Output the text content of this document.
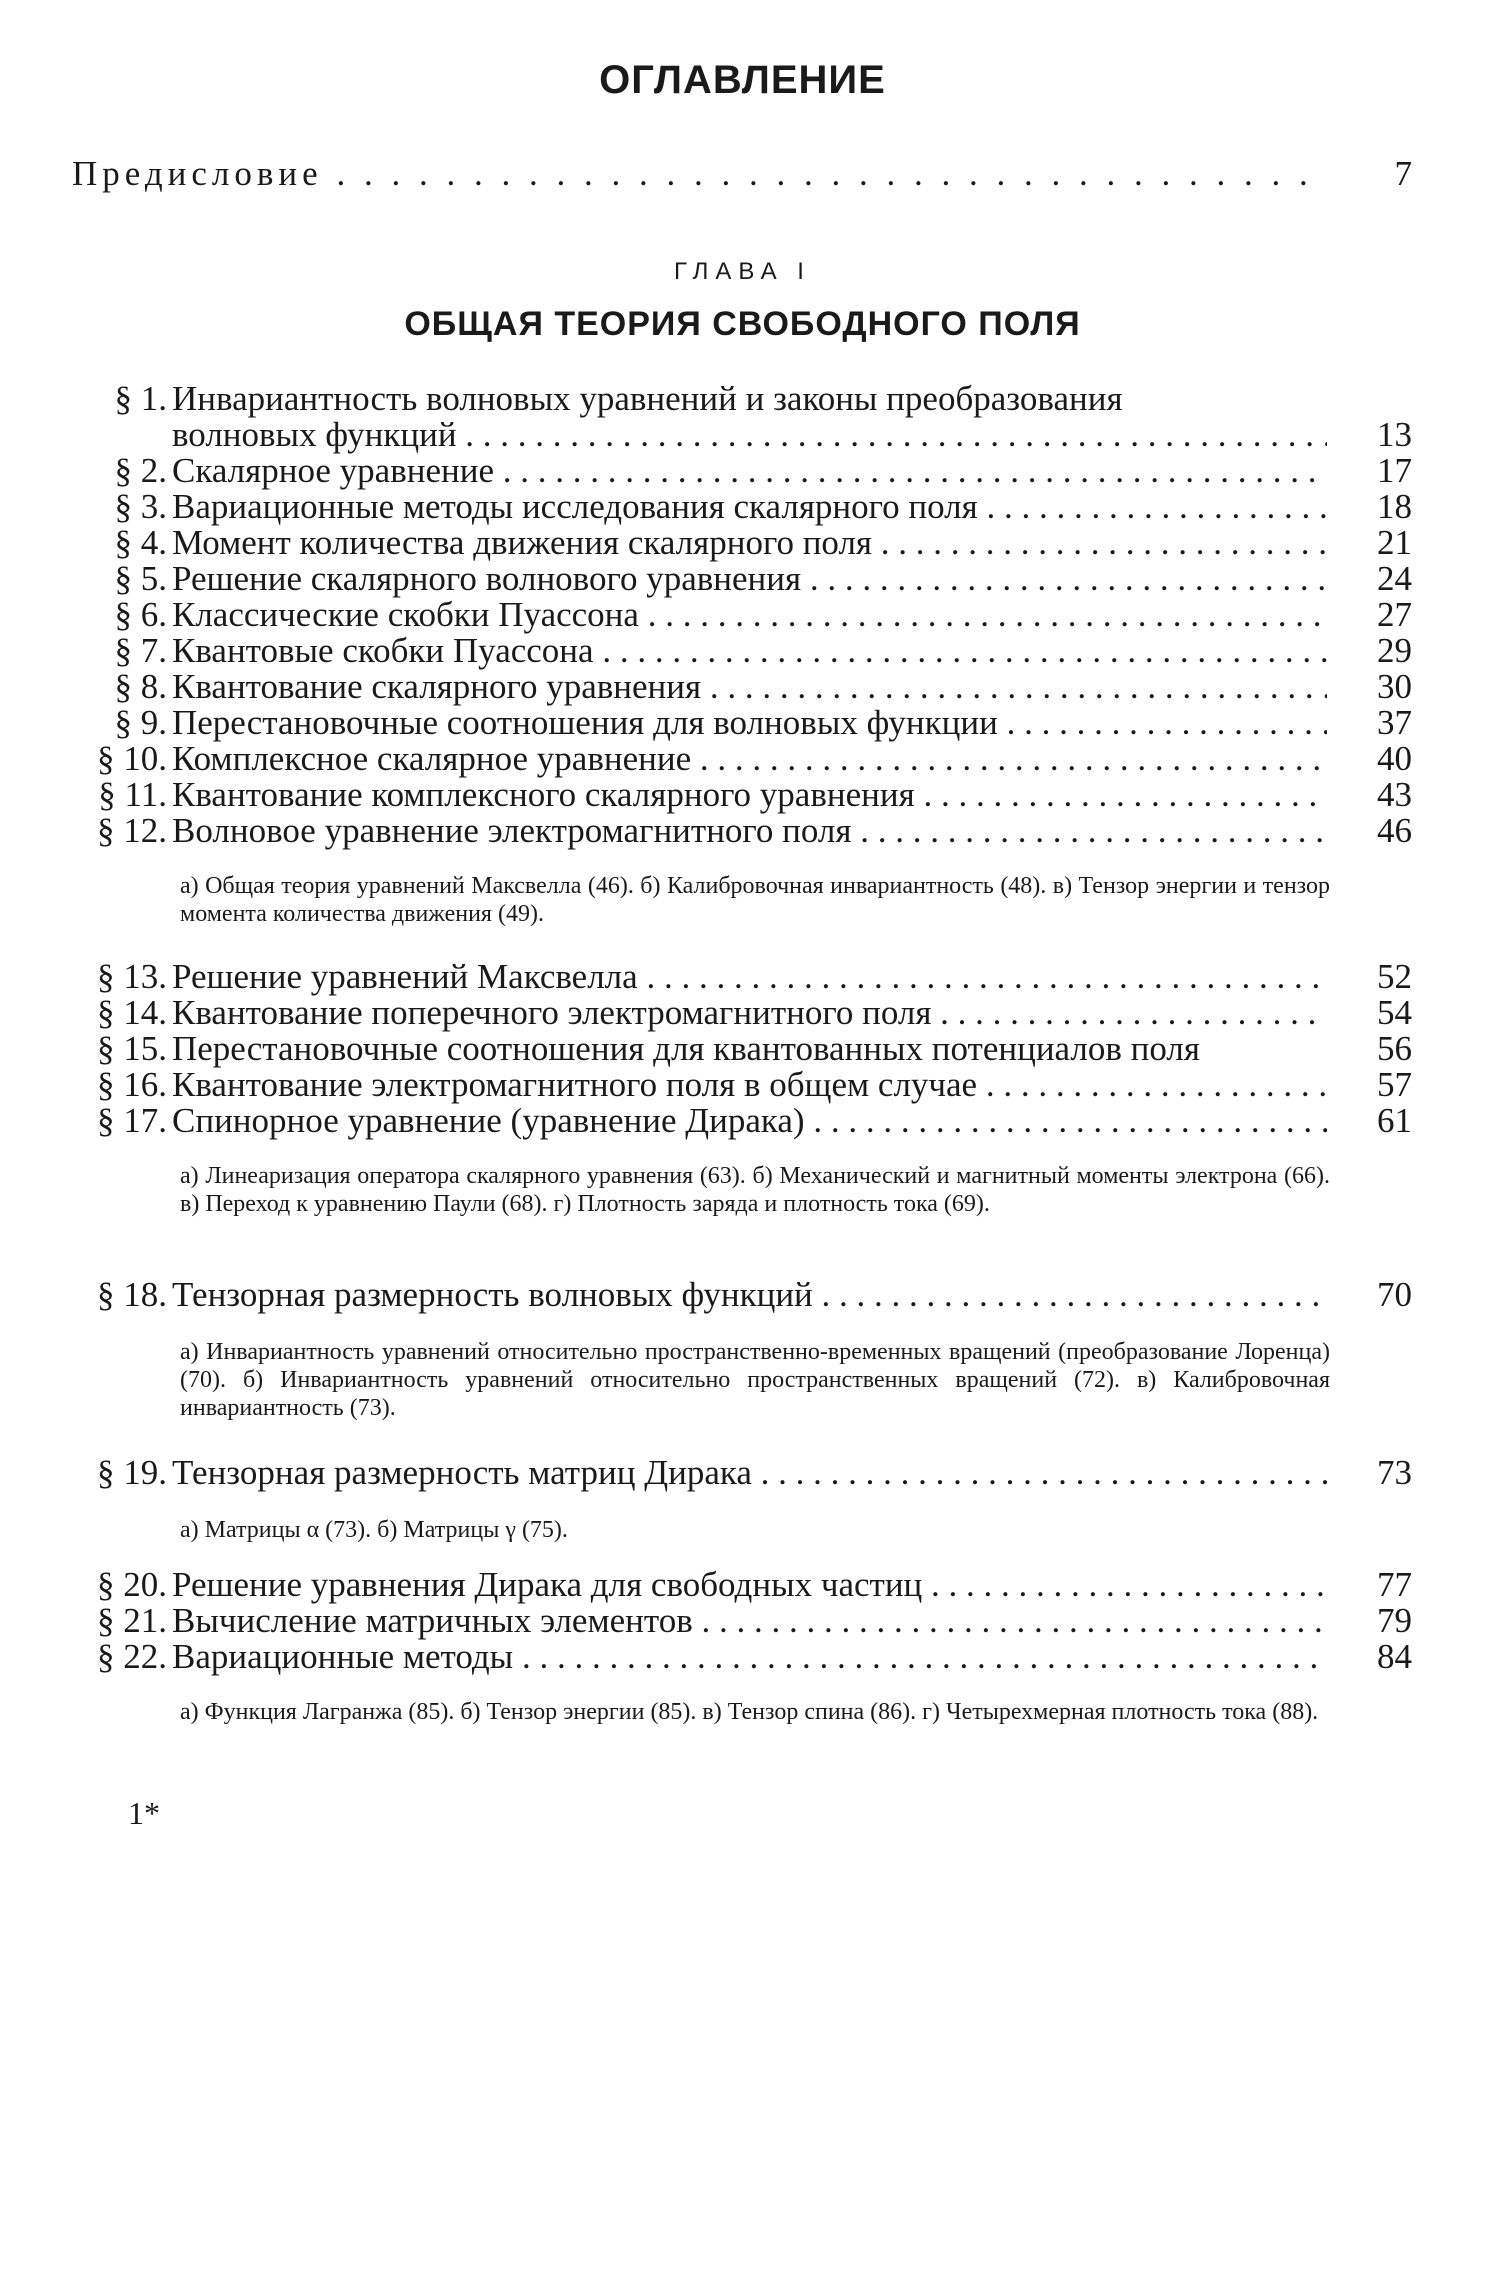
ОГЛАВЛЕНИЕ
Предисловие . . .	7
ГЛАВА I
ОБЩАЯ ТЕОРИЯ СВОБОДНОГО ПОЛЯ
§ 1. Инвариантность волновых уравнений и законы преобразования
волновых функций . . .	13
§ 2. Скалярное уравнение . . .	17
§ 3. Вариационные методы исследования скалярного поля . . .	18
§ 4. Момент количества движения скалярного поля . . .	21
§ 5. Решение скалярного волнового уравнения . . .	24
§ 6. Классические скобки Пуассона . . .	27
§ 7. Квантовые скобки Пуассона . . .	29
§ 8. Квантование скалярного уравнения . . .	30
§ 9. Перестановочные соотношения для волновых функции . . .	37
§ 10. Комплексное скалярное уравнение . . .	40
§ 11. Квантование комплексного скалярного уравнения . . .	43
§ 12. Волновое уравнение электромагнитного поля . . .	46
а) Общая теория уравнений Максвелла (46). б) Калибровочная инвариантность (48). в) Тензор энергии и тензор момента количества движения (49).
§ 13. Решение уравнений Максвелла . . .	52
§ 14. Квантование поперечного электромагнитного поля . . .	54
§ 15. Перестановочные соотношения для квантованных потенциалов поля	56
§ 16. Квантование электромагнитного поля в общем случае . . .	57
§ 17. Спинорное уравнение (уравнение Дирака) . . .	61
а) Линеаризация оператора скалярного уравнения (63). б) Механический и магнитный моменты электрона (66). в) Переход к уравнению Паули (68). г) Плотность заряда и плотность тока (69).
§ 18. Тензорная размерность волновых функций . . .	70
а) Инвариантность уравнений относительно пространственно-временных вращений (преобразование Лоренца) (70). б) Инвариантность уравнений относительно пространственных вращений (72). в) Калибровочная инвариантность (73).
§ 19. Тензорная размерность матриц Дирака . . .	73
а) Матрицы α (73). б) Матрицы γ (75).
§ 20. Решение уравнения Дирака для свободных частиц . . .	77
§ 21. Вычисление матричных элементов . . .	79
§ 22. Вариационные методы . . .	84
а) Функция Лагранжа (85). б) Тензор энергии (85). в) Тензор спина (86). г) Четырехмерная плотность тока (88).
1*
